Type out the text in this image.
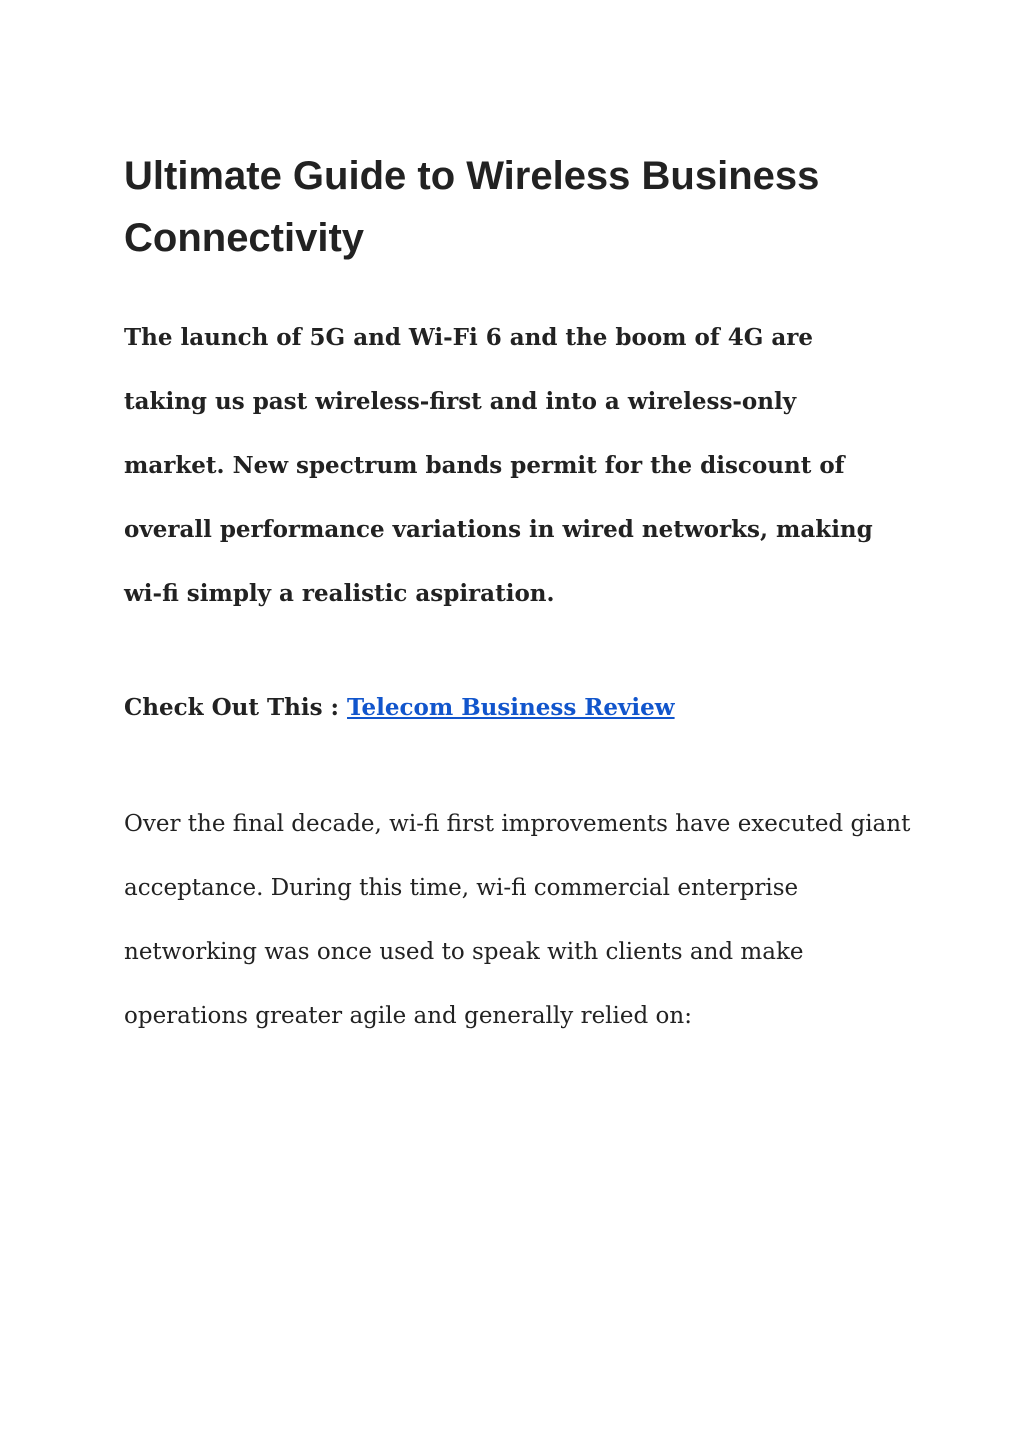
Ultimate Guide to Wireless Business
Connectivity

The launch of 5G and Wi-Fi 6 and the boom of 4G are
taking us past wireless-first and into a wireless-only
market. New spectrum bands permit for the discount of
overall performance variations in wired networks, making
wi-fi simply a realistic aspiration.

Check Out This : Telecom Business Review

Over the final decade, wi-fi first improvements have executed giant
acceptance. During this time, wi-fi commercial enterprise
networking was once used to speak with clients and make
operations greater agile and generally relied on:
